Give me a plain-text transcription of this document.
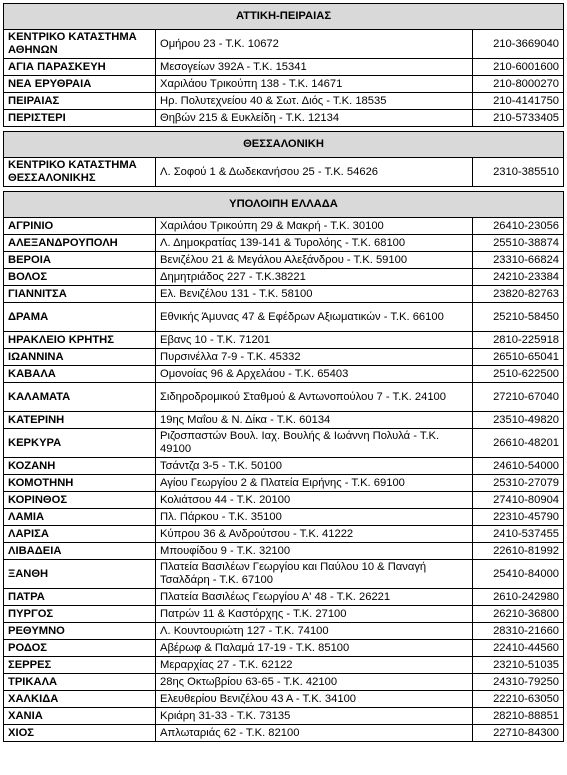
ΑΤΤΙΚΗ-ΠΕΙΡΑΙΑΣ		
ΚΕΝΤΡΙΚΟ ΚΑΤΑΣΤΗΜΑ ΑΘΗΝΩΝ	Ομήρου 23 - Τ.Κ. 10672	210-3669040
ΑΓΙΑ ΠΑΡΑΣΚΕΥΗ	Μεσογείων 392Α - Τ.Κ. 15341	210-6001600
ΝΕΑ ΕΡΥΘΡΑΙΑ	Χαριλάου Τρικούπη 138 - Τ.Κ. 14671	210-8000270
ΠΕΙΡΑΙΑΣ	Ηρ. Πολυτεχνείου 40 & Σωτ. Διός - Τ.Κ. 18535	210-4141750
ΠΕΡΙΣΤΕΡΙ	Θηβών 215 & Ευκλείδη - Τ.Κ. 12134	210-5733405

ΘΕΣΣΑΛΟΝΙΚΗ		
ΚΕΝΤΡΙΚΟ ΚΑΤΑΣΤΗΜΑ ΘΕΣΣΑΛΟΝΙΚΗΣ	Λ. Σοφού 1 & Δωδεκανήσου 25 - Τ.Κ. 54626	2310-385510

ΥΠΟΛΟΙΠΗ ΕΛΛΑΔΑ		
ΑΓΡΙΝΙΟ	Χαριλάου Τρικούπη 29 & Μακρή - Τ.Κ. 30100	26410-23056
ΑΛΕΞΑΝΔΡΟΥΠΟΛΗ	Λ. Δημοκρατίας 139-141 & Τυρολόης - Τ.Κ. 68100	25510-38874
ΒΕΡΟΙΑ	Βενιζέλου 21 & Μεγάλου Αλεξάνδρου - Τ.Κ. 59100	23310-66824
ΒΟΛΟΣ	Δημητριάδος 227 - Τ.Κ.38221	24210-23384
ΓΙΑΝΝΙΤΣΑ	Ελ. Βενιζέλου 131 - Τ.Κ. 58100	23820-82763
ΔΡΑΜΑ	Εθνικής Άμυνας 47 & Εφέδρων Αξιωματικών - Τ.Κ. 66100	25210-58450
ΗΡΑΚΛΕΙΟ ΚΡΗΤΗΣ	Εβανς 10 - Τ.Κ. 71201	2810-225918
ΙΩΑΝΝΙΝΑ	Πυρσινέλλα 7-9 - Τ.Κ. 45332	26510-65041
ΚΑΒΑΛΑ	Ομονοίας 96 & Αρχελάου - Τ.Κ. 65403	2510-622500
ΚΑΛΑΜΑΤΑ	Σιδηροδρομικού Σταθμού & Αντωνοπούλου 7 - Τ.Κ. 24100	27210-67040
ΚΑΤΕΡΙΝΗ	19ης Μαΐου & Ν. Δίκα - Τ.Κ. 60134	23510-49820
ΚΕΡΚΥΡΑ	Ριζοσπαστών Βουλ. Ιαχ. Βουλής & Ιωάννη Πολυλά - Τ.Κ. 49100	26610-48201
ΚΟΖΑΝΗ	Τσάντζα 3-5 - Τ.Κ. 50100	24610-54000
ΚΟΜΟΤΗΝΗ	Αγίου Γεωργίου 2 & Πλατεία Ειρήνης - Τ.Κ. 69100	25310-27079
ΚΟΡΙΝΘΟΣ	Κολιάτσου 44 - Τ.Κ. 20100	27410-80904
ΛΑΜΙΑ	Πλ. Πάρκου - Τ.Κ. 35100	22310-45790
ΛΑΡΙΣΑ	Κύπρου 36 & Ανδρούτσου - Τ.Κ. 41222	2410-537455
ΛΙΒΑΔΕΙΑ	Μπουφίδου 9 - Τ.Κ. 32100	22610-81992
ΞΑΝΘΗ	Πλατεία Βασιλέων Γεωργίου και Παύλου 10 & Παναγή Τσαλδάρη - Τ.Κ. 67100	25410-84000
ΠΑΤΡΑ	Πλατεία Βασιλέως Γεωργίου Α' 48 - Τ.Κ. 26221	2610-242980
ΠΥΡΓΟΣ	Πατρών 11 & Καστόρχης - Τ.Κ. 27100	26210-36800
ΡΕΘΥΜΝΟ	Λ. Κουντουριώτη 127 - Τ.Κ. 74100	28310-21660
ΡΟΔΟΣ	Αβέρωφ & Παλαμά 17-19 - Τ.Κ. 85100	22410-44560
ΣΕΡΡΕΣ	Μεραρχίας 27 - Τ.Κ. 62122	23210-51035
ΤΡΙΚΑΛΑ	28ης Οκτωβρίου 63-65 - Τ.Κ. 42100	24310-79250
ΧΑΛΚΙΔΑ	Ελευθερίου Βενιζέλου 43 Α - Τ.Κ. 34100	22210-63050
ΧΑΝΙΑ	Κριάρη 31-33 - Τ.Κ. 73135	28210-88851
ΧΙΟΣ	Απλωταριάς 62 - Τ.Κ. 82100	22710-84300
